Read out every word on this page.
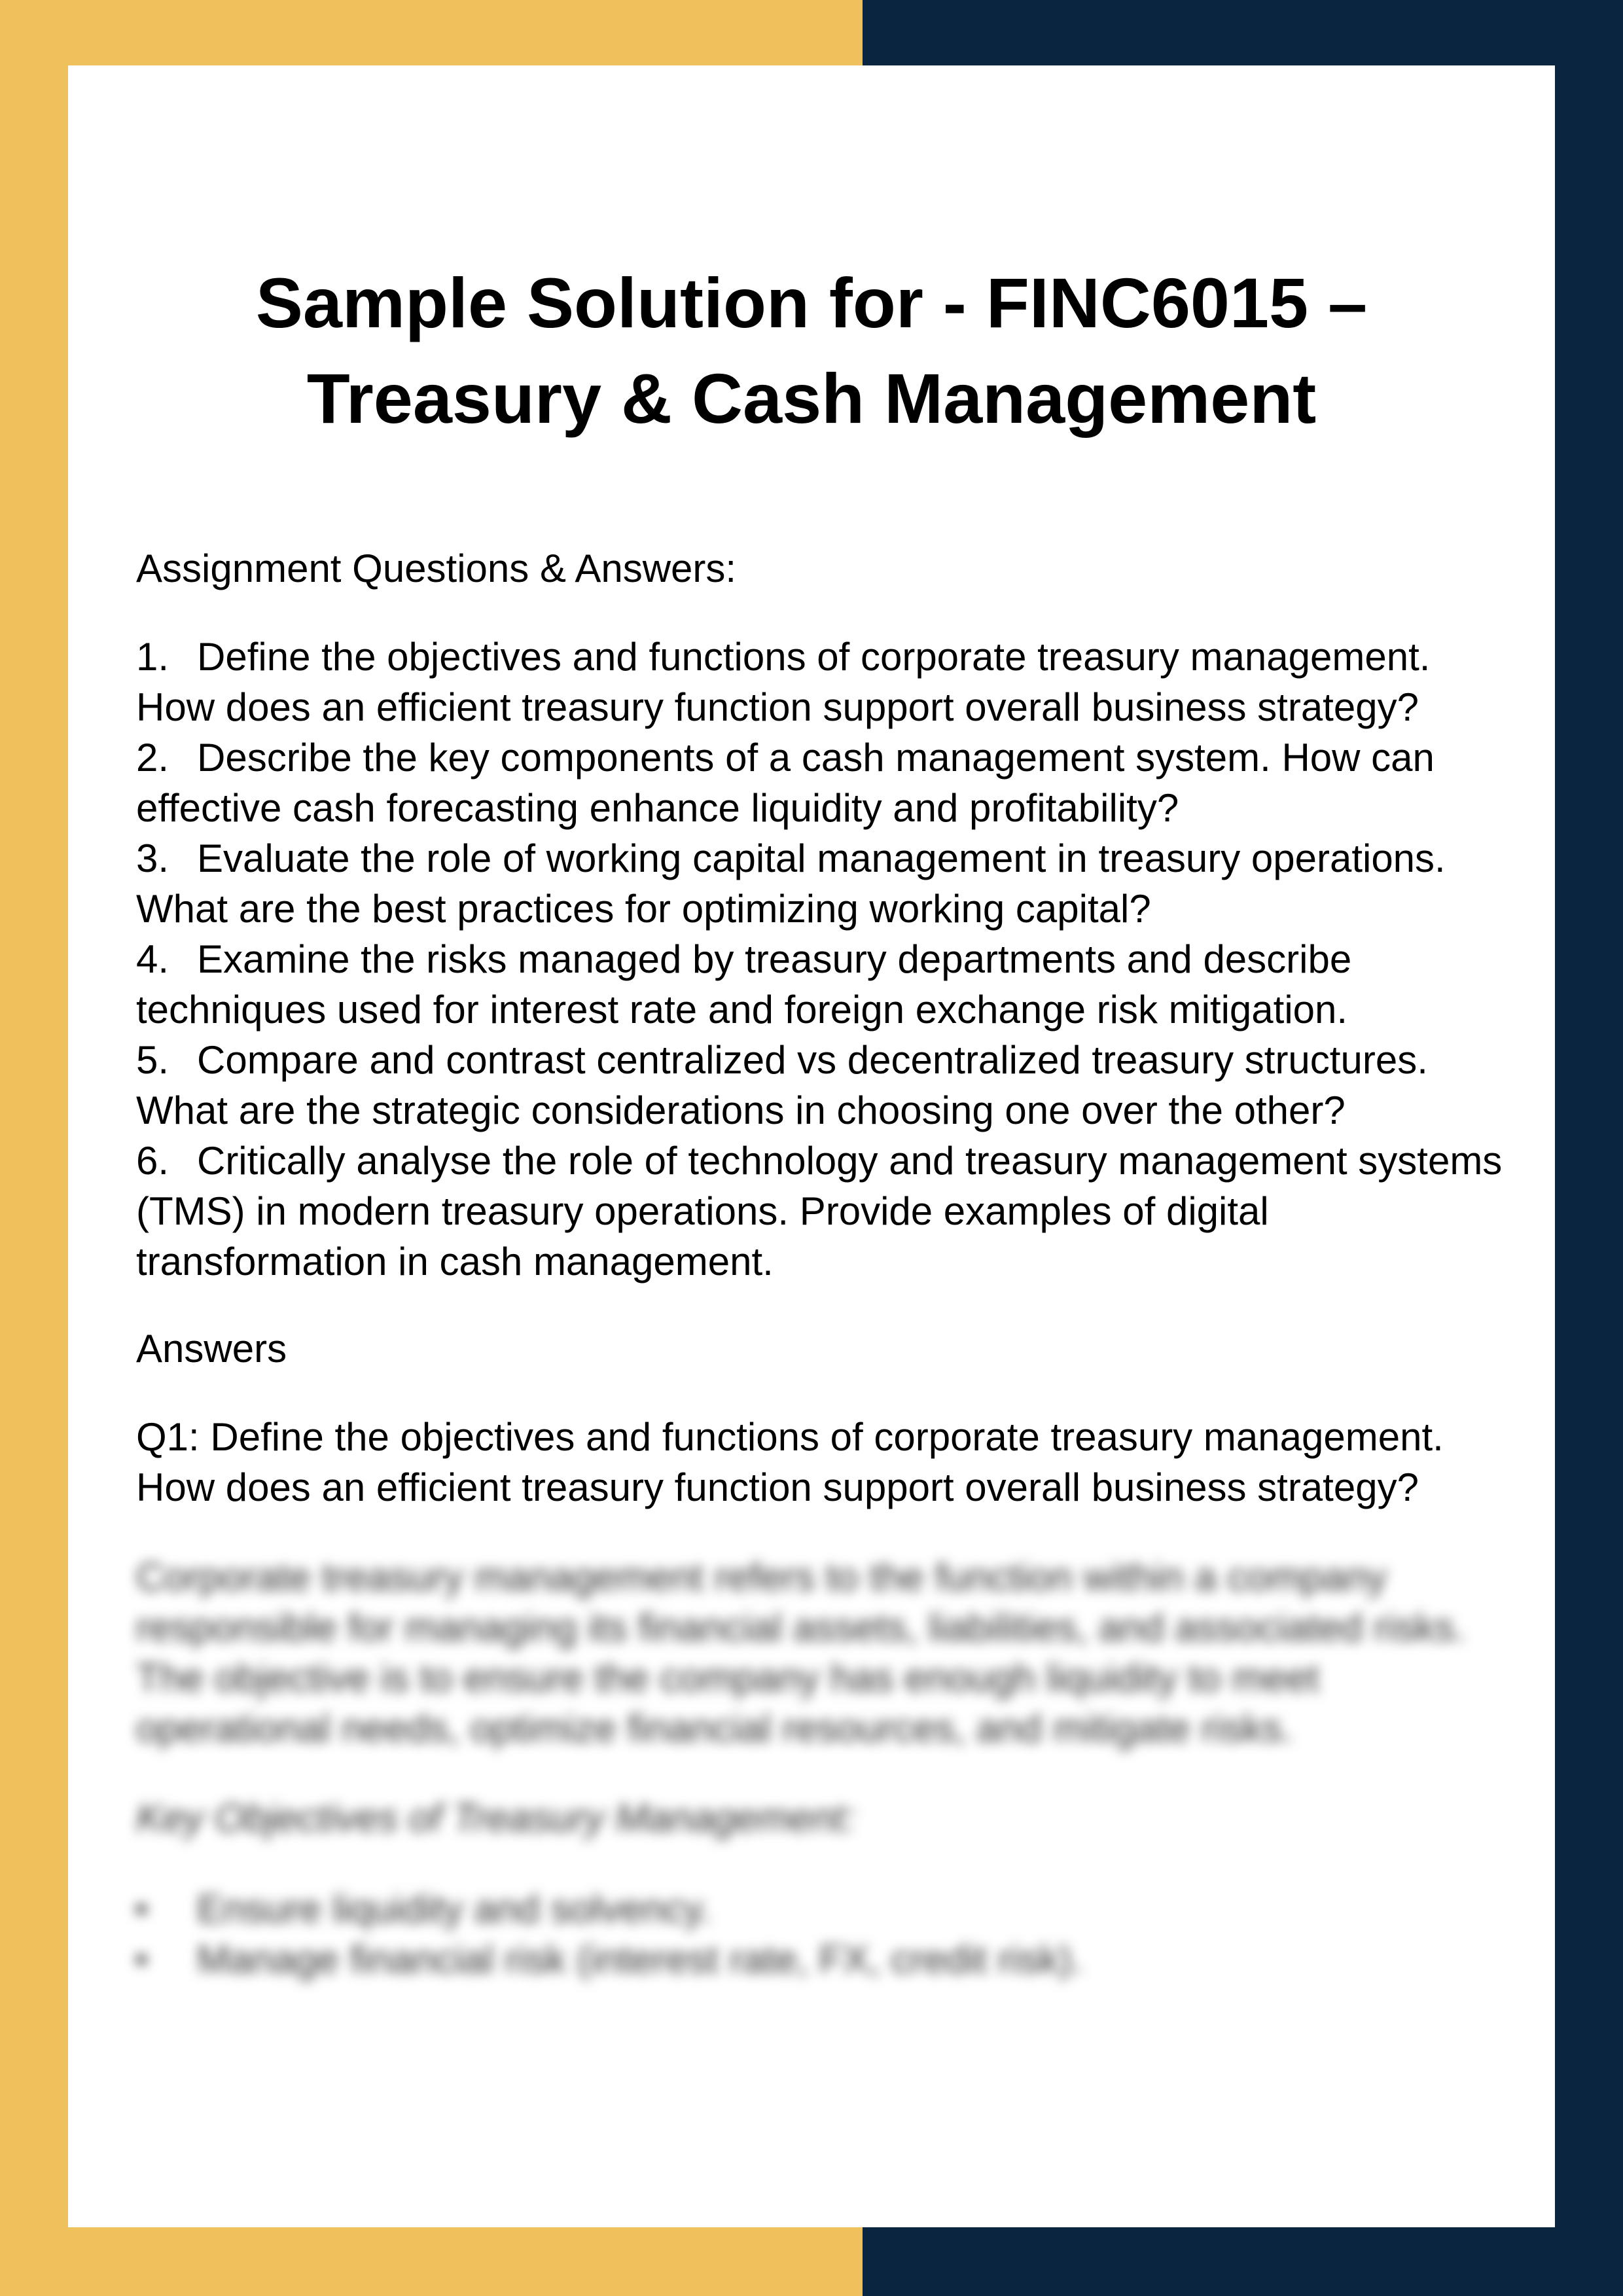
Sample Solution for - FINC6015 –
Treasury & Cash Management

Assignment Questions & Answers:

1. Define the objectives and functions of corporate treasury management. How does an efficient treasury function support overall business strategy?
2. Describe the key components of a cash management system. How can effective cash forecasting enhance liquidity and profitability?
3. Evaluate the role of working capital management in treasury operations. What are the best practices for optimizing working capital?
4. Examine the risks managed by treasury departments and describe techniques used for interest rate and foreign exchange risk mitigation.
5. Compare and contrast centralized vs decentralized treasury structures. What are the strategic considerations in choosing one over the other?
6. Critically analyse the role of technology and treasury management systems (TMS) in modern treasury operations. Provide examples of digital transformation in cash management.

Answers

Q1: Define the objectives and functions of corporate treasury management. How does an efficient treasury function support overall business strategy?

Corporate treasury management refers to the function within a company responsible for managing its financial assets, liabilities, and associated risks. The objective is to ensure the company has enough liquidity to meet operational needs, optimize financial resources, and mitigate risks.

Key Objectives of Treasury Management:

Ensure liquidity and solvency.
Manage financial risk (interest rate, FX, credit risk).
